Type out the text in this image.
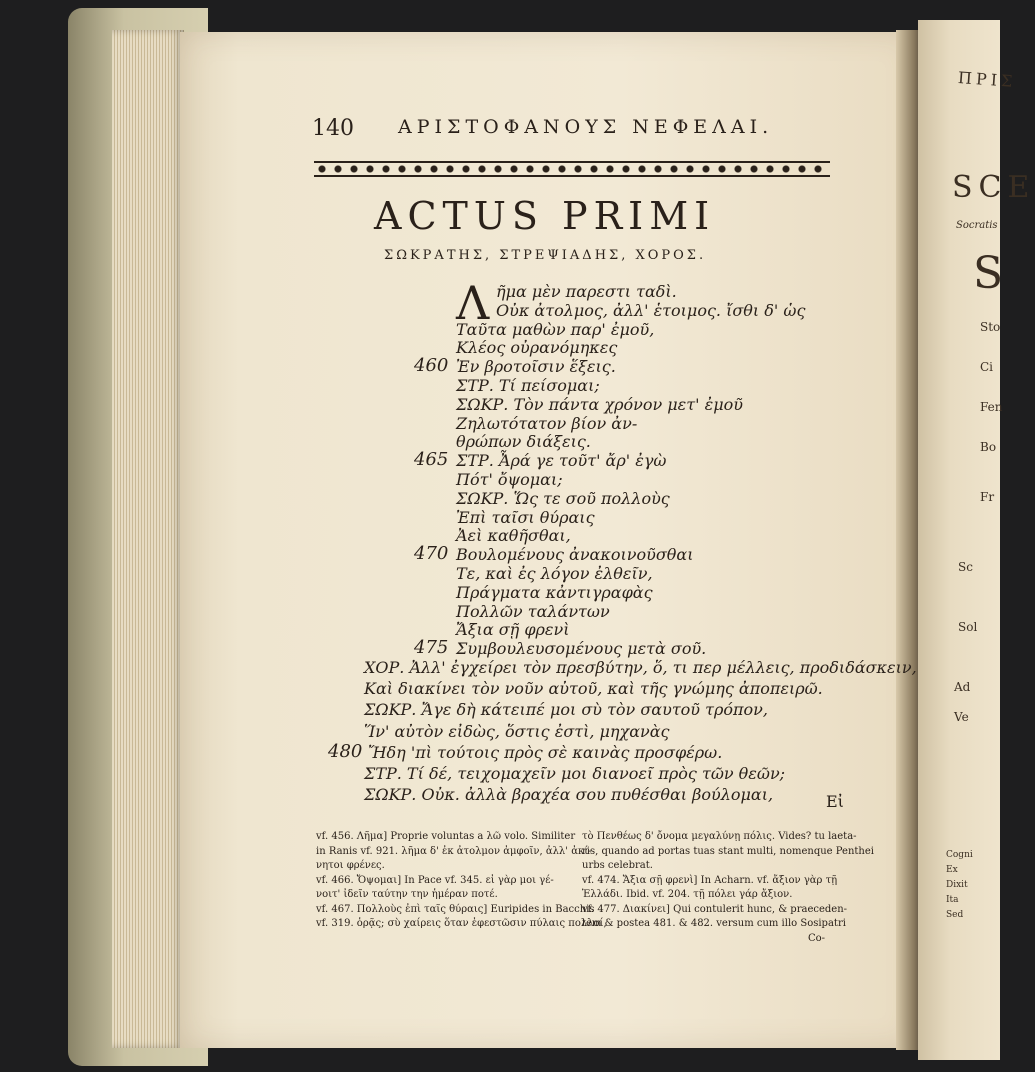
ΠΡΙΣ
SCE
Socratis
S
Sto
Ci
Fen
Bo
Fr
Sc
Sol
Ad
Ve
Cogni
Ex
Dixit
Ita
Sed
140 ΑΡΙΣΤΟΦΑΝΟΥΣ ΝΕΦΕΛΑΙ.
ACTUS PRIMI
ΣΩΚΡΑΤΗΣ, ΣΤΡΕΨΙΑΔΗΣ, ΧΟΡΟΣ.
Λ ῆμα μὲν παρεστι ταδὶ.
Οὐκ ἀτολμος, ἀλλ' ἑτοιμος. ἴσθι δ' ὡς
Ταῦτα μαθὼν παρ' ἐμοῦ,
Κλέος οὐρανόμηκες
460 Ἐν βροτοῖσιν ἕξεις.
ΣΤΡ. Τί πείσομαι;
ΣΩΚΡ. Τὸν πάντα χρόνον μετ' ἐμοῦ
Ζηλωτότατον βίον ἀν-
θρώπων διάξεις.
465 ΣΤΡ. Ἆρά γε τοῦτ' ἄρ' ἐγὼ
Πότ' ὄψομαι;
ΣΩΚΡ. Ὥς τε σοῦ πολλοὺς
Ἐπὶ ταῖσι θύραις
Ἀεὶ καθῆσθαι,
470 Βουλομένους ἀνακοινοῦσθαι
Τε, καὶ ἐς λόγον ἐλθεῖν,
Πράγματα κἀντιγραφὰς
Πολλῶν ταλάντων
Ἄξια σῇ φρενὶ
475 Συμβουλευσομένους μετὰ σοῦ.
ΧΟΡ. Ἀλλ' ἐγχείρει τὸν πρεσβύτην, ὅ, τι περ μέλλεις, προδιδάσκειν,
Καὶ διακίνει τὸν νοῦν αὐτοῦ, καὶ τῆς γνώμης ἀποπειρῶ.
ΣΩΚΡ. Ἄγε δὴ κάτειπέ μοι σὺ τὸν σαυτοῦ τρόπον,
Ἵν' αὐτὸν εἰδὼς, ὅστις ἐστὶ, μηχανὰς
480 Ἤδη 'πὶ τούτοις πρὸς σὲ καινὰς προσφέρω.
ΣΤΡ. Τί δέ, τειχομαχεῖν μοι διανοεῖ πρὸς τῶν θεῶν;
ΣΩΚΡ. Οὐκ. ἀλλὰ βραχέα σου πυθέσθαι βούλομαι,	Εἰ
vf. 456. Λῆμα] Proprie voluntas a λῶ volo. Similiter
in Ranis vf. 921. λῆμα δ' ἐκ ἀτολμον ἀμφοῖν, ἀλλ' ἀκί-
νητοι φρένες.
vf. 466. Ὄψομαι] In Pace vf. 345. εἰ γὰρ μοι γέ-
νοιτ' ἰδεῖν ταύτην την ἡμέραν ποτέ.
vf. 467. Πολλοὺς ἐπὶ ταῖς θύραις] Euripides in Bacchis
vf. 319. ὁρᾷς; σὺ χαίρεις ὅταν ἐφεστῶσιν πύλαις πολλοί,
τὸ Πενθέως δ' ὄνομα μεγαλύνῃ πόλις. Vides? tu laeta-
ris, quando ad portas tuas stant multi, nomenque Penthei
urbs celebrat.
vf. 474. Ἄξια σῇ φρενὶ] In Acharn. vf. ἄξιον γὰρ τῇ
Ἑλλάδι. Ibid. vf. 204. τῇ πόλει γάρ ἄξιον.
vf. 477. Διακίνει] Qui contulerit hunc, & praeceden-
tem & postea 481. & 482. versum cum illo Sosipatri
Co-
